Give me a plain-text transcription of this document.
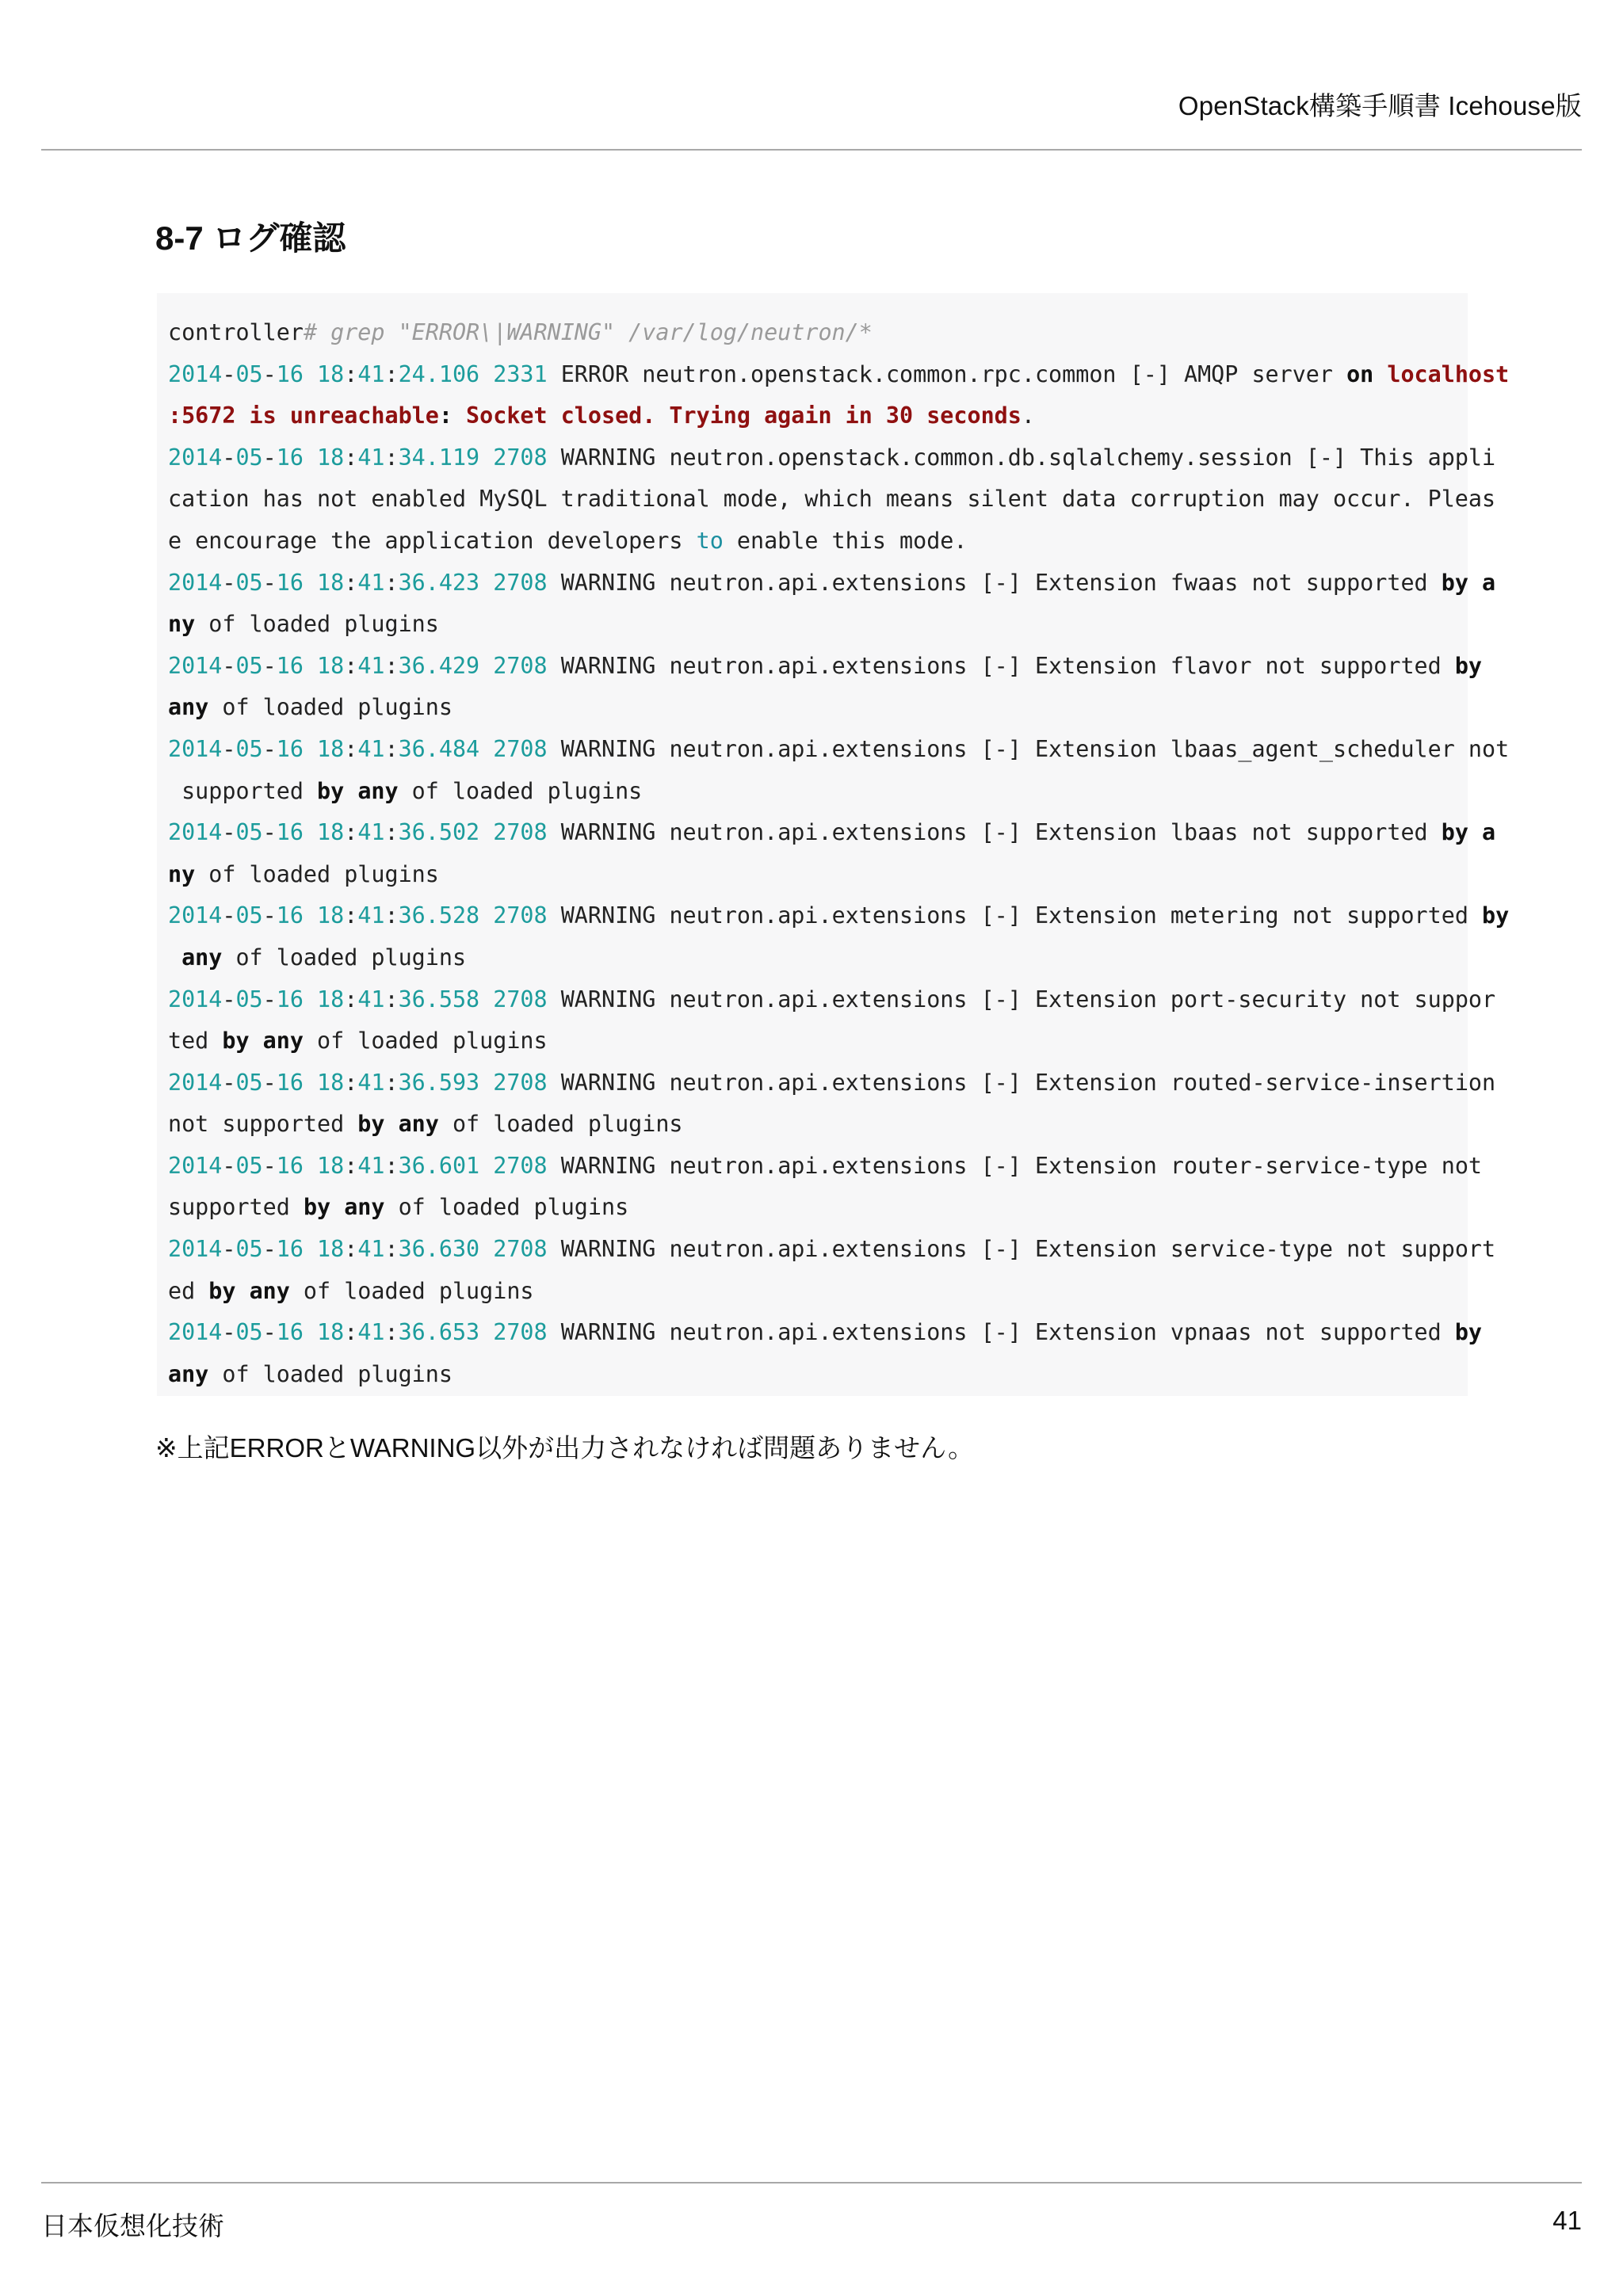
OpenStack構築手順書 Icehouse版
8-7 ログ確認
controller# grep "ERROR\|WARNING" /var/log/neutron/*
2014-05-16 18:41:24.106 2331 ERROR neutron.openstack.common.rpc.common [-] AMQP server on localhost
:5672 is unreachable: Socket closed. Trying again in 30 seconds.
2014-05-16 18:41:34.119 2708 WARNING neutron.openstack.common.db.sqlalchemy.session [-] This appli
cation has not enabled MySQL traditional mode, which means silent data corruption may occur. Pleas
e encourage the application developers to enable this mode.
2014-05-16 18:41:36.423 2708 WARNING neutron.api.extensions [-] Extension fwaas not supported by a
ny of loaded plugins
2014-05-16 18:41:36.429 2708 WARNING neutron.api.extensions [-] Extension flavor not supported by
any of loaded plugins
2014-05-16 18:41:36.484 2708 WARNING neutron.api.extensions [-] Extension lbaas_agent_scheduler not
supported by any of loaded plugins
2014-05-16 18:41:36.502 2708 WARNING neutron.api.extensions [-] Extension lbaas not supported by a
ny of loaded plugins
2014-05-16 18:41:36.528 2708 WARNING neutron.api.extensions [-] Extension metering not supported by
any of loaded plugins
2014-05-16 18:41:36.558 2708 WARNING neutron.api.extensions [-] Extension port-security not suppor
ted by any of loaded plugins
2014-05-16 18:41:36.593 2708 WARNING neutron.api.extensions [-] Extension routed-service-insertion
not supported by any of loaded plugins
2014-05-16 18:41:36.601 2708 WARNING neutron.api.extensions [-] Extension router-service-type not
supported by any of loaded plugins
2014-05-16 18:41:36.630 2708 WARNING neutron.api.extensions [-] Extension service-type not support
ed by any of loaded plugins
2014-05-16 18:41:36.653 2708 WARNING neutron.api.extensions [-] Extension vpnaas not supported by
any of loaded plugins
※上記ERRORとWARNING以外が出力されなければ問題ありません。
日本仮想化技術	41
